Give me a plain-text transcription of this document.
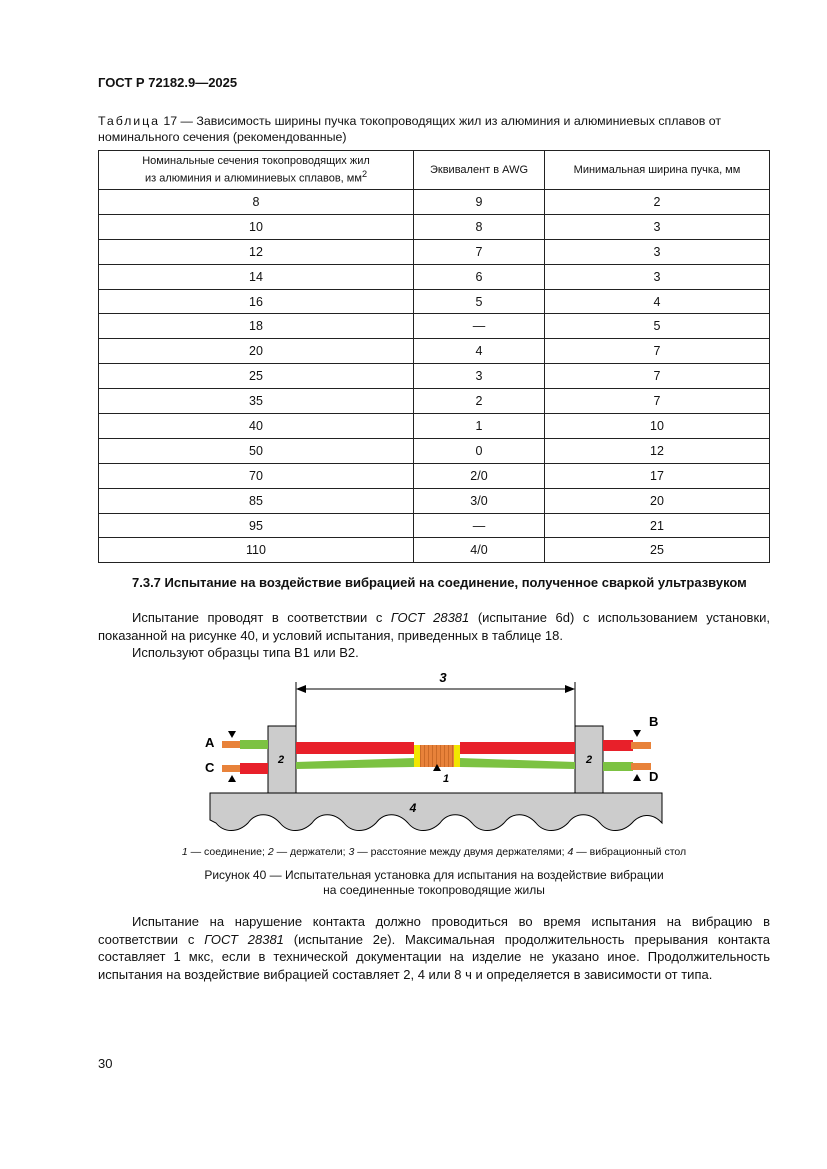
ГОСТ Р 72182.9—2025
Таблица 17 — Зависимость ширины пучка токопроводящих жил из алюминия и алюминиевых сплавов от номинального сечения (рекомендованные)
Номинальные сечения токопроводящих жил
из алюминия и алюминиевых сплавов, $мм^2$	Эквивалент в AWG	Минимальная ширина пучка, мм
8	9	2
10	8	3
12	7	3
14	6	3
16	5	4
18	—	5
20	4	7
25	3	7
35	2	7
40	1	10
50	0	12
70	2/0	17
85	3/0	20
95	—	21
110	4/0	25
3
4
2	2
1
A
C
B
D
7.3.7 Испытание на воздействие вибрацией на соединение, полученное сваркой ультразвуком
Испытание проводят в соответствии с ГОСТ 28381 (испытание 6d) с использованием установки, показанной на рисунке 40, и условий испытания, приведенных в таблице 18.
Используют образцы типа B1 или B2.
1 — соединение; 2 — держатели; 3 — расстояние между двумя держателями; 4 — вибрационный стол
Рисунок 40 — Испытательная установка для испытания на воздействие вибрации
на соединенные токопроводящие жилы
Испытание на нарушение контакта должно проводиться во время испытания на вибрацию в соответствии с ГОСТ 28381 (испытание 2e). Максимальная продолжительность прерывания контакта составляет 1 мкс, если в технической документации на изделие не указано иное. Продолжительность испытания на воздействие вибрацией составляет 2, 4 или 8 ч и определяется в зависимости от типа.
30
